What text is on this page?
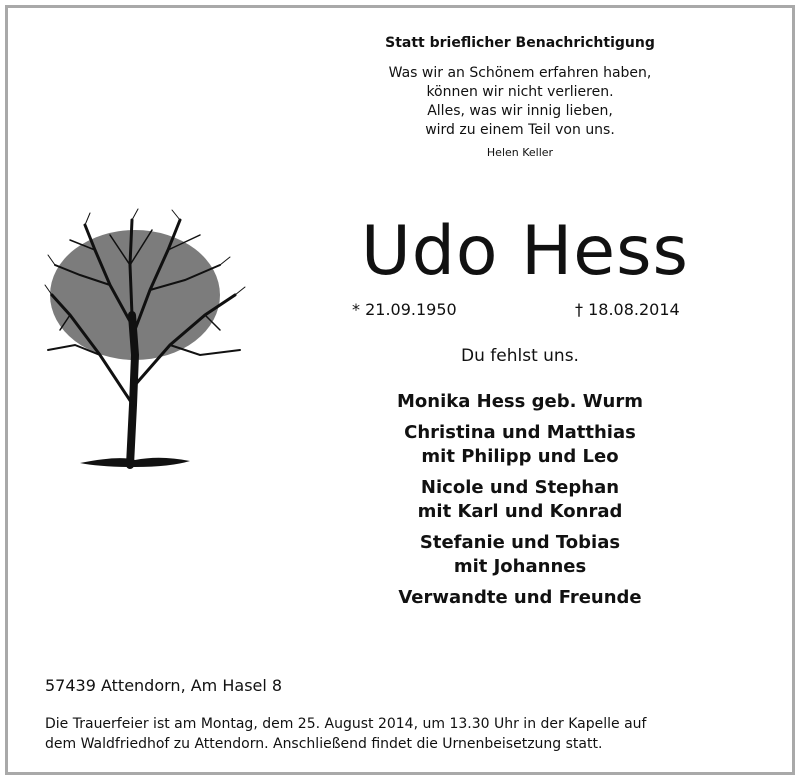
Statt brieflicher Benachrichtigung
Was wir an Schönem erfahren haben,
können wir nicht verlieren.
Alles, was wir innig lieben,
wird zu einem Teil von uns.
Helen Keller
Udo Hess
* 21.09.1950	† 18.08.2014
Du fehlst uns.
Monika Hess geb. Wurm
Christina und Matthias
mit Philipp und Leo
Nicole und Stephan
mit Karl und Konrad
Stefanie und Tobias
mit Johannes
Verwandte und Freunde
57439 Attendorn, Am Hasel 8
Die Trauerfeier ist am Montag, dem 25. August 2014, um 13.30 Uhr in der Kapelle auf
dem Waldfriedhof zu Attendorn. Anschließend findet die Urnenbeisetzung statt.
